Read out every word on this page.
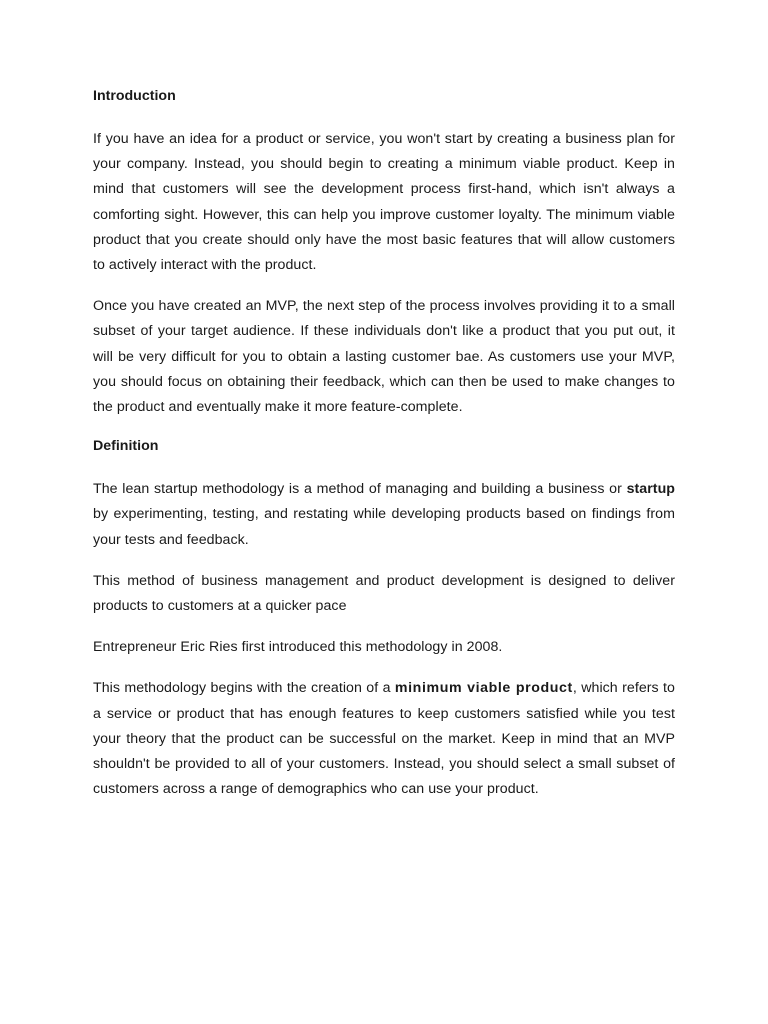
Introduction

If you have an idea for a product or service, you won't start by creating a business plan for your company. Instead, you should begin to creating a minimum viable product. Keep in mind that customers will see the development process first-hand, which isn't always a comforting sight. However, this can help you improve customer loyalty. The minimum viable product that you create should only have the most basic features that will allow customers to actively interact with the product.

Once you have created an MVP, the next step of the process involves providing it to a small subset of your target audience. If these individuals don't like a product that you put out, it will be very difficult for you to obtain a lasting customer bae. As customers use your MVP, you should focus on obtaining their feedback, which can then be used to make changes to the product and eventually make it more feature-complete.

Definition

The lean startup methodology is a method of managing and building a business or startup by experimenting, testing, and restating while developing products based on findings from your tests and feedback.

This method of business management and product development is designed to deliver products to customers at a quicker pace

Entrepreneur Eric Ries first introduced this methodology in 2008.

This methodology begins with the creation of a minimum viable product, which refers to a service or product that has enough features to keep customers satisfied while you test your theory that the product can be successful on the market. Keep in mind that an MVP shouldn't be provided to all of your customers. Instead, you should select a small subset of customers across a range of demographics who can use your product.
